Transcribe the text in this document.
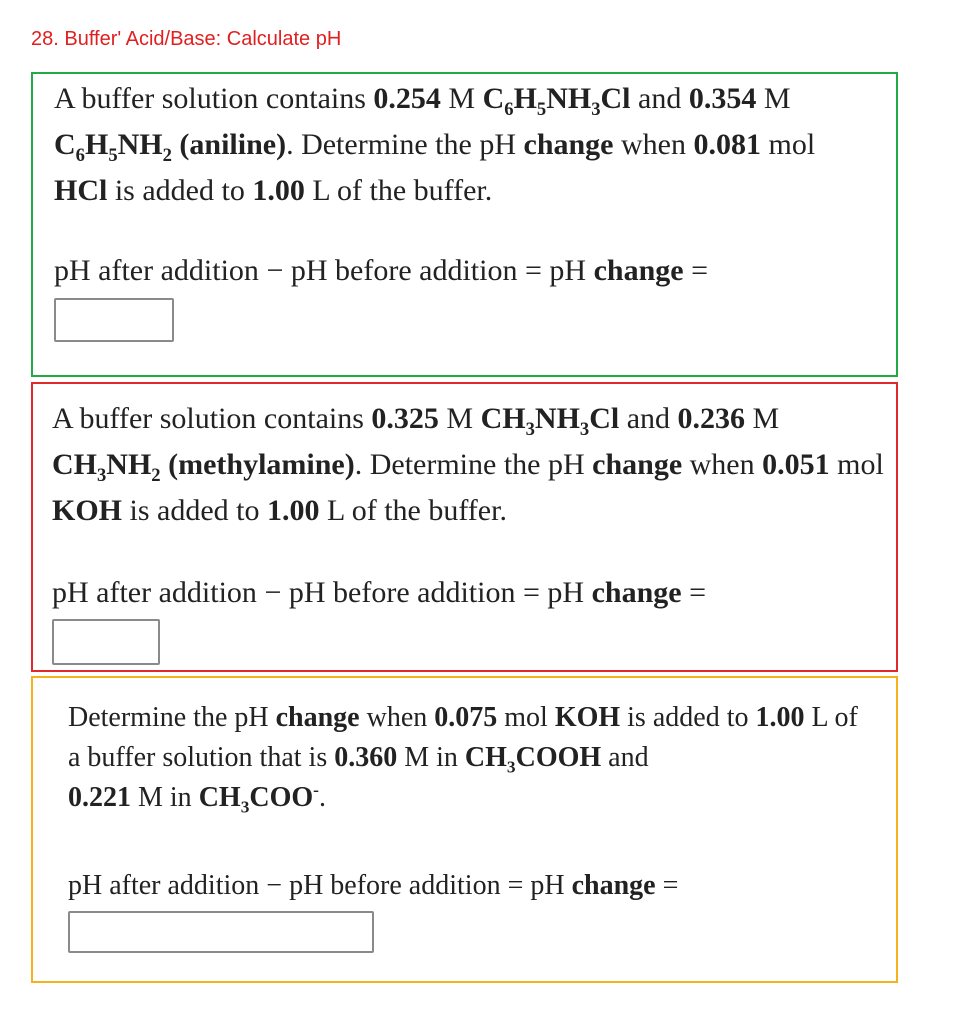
28. Buffer' Acid/Base: Calculate pH
A buffer solution contains 0.254 M $C_6H_5NH_3Cl$ and 0.354 M $C_6H_5NH_2$ (aniline). Determine the pH change when 0.081 mol HCl is added to 1.00 L of the buffer.
pH after addition − pH before addition = pH change =
A buffer solution contains 0.325 M $CH_3NH_3Cl$ and 0.236 M $CH_3NH_2$ (methylamine). Determine the pH change when 0.051 mol KOH is added to 1.00 L of the buffer.
pH after addition − pH before addition = pH change =
Determine the pH change when 0.075 mol KOH is added to 1.00 L of a buffer solution that is 0.360 M in $CH_3COOH$ and
0.221 M in $CH_3COO^-$.
pH after addition − pH before addition = pH change =
